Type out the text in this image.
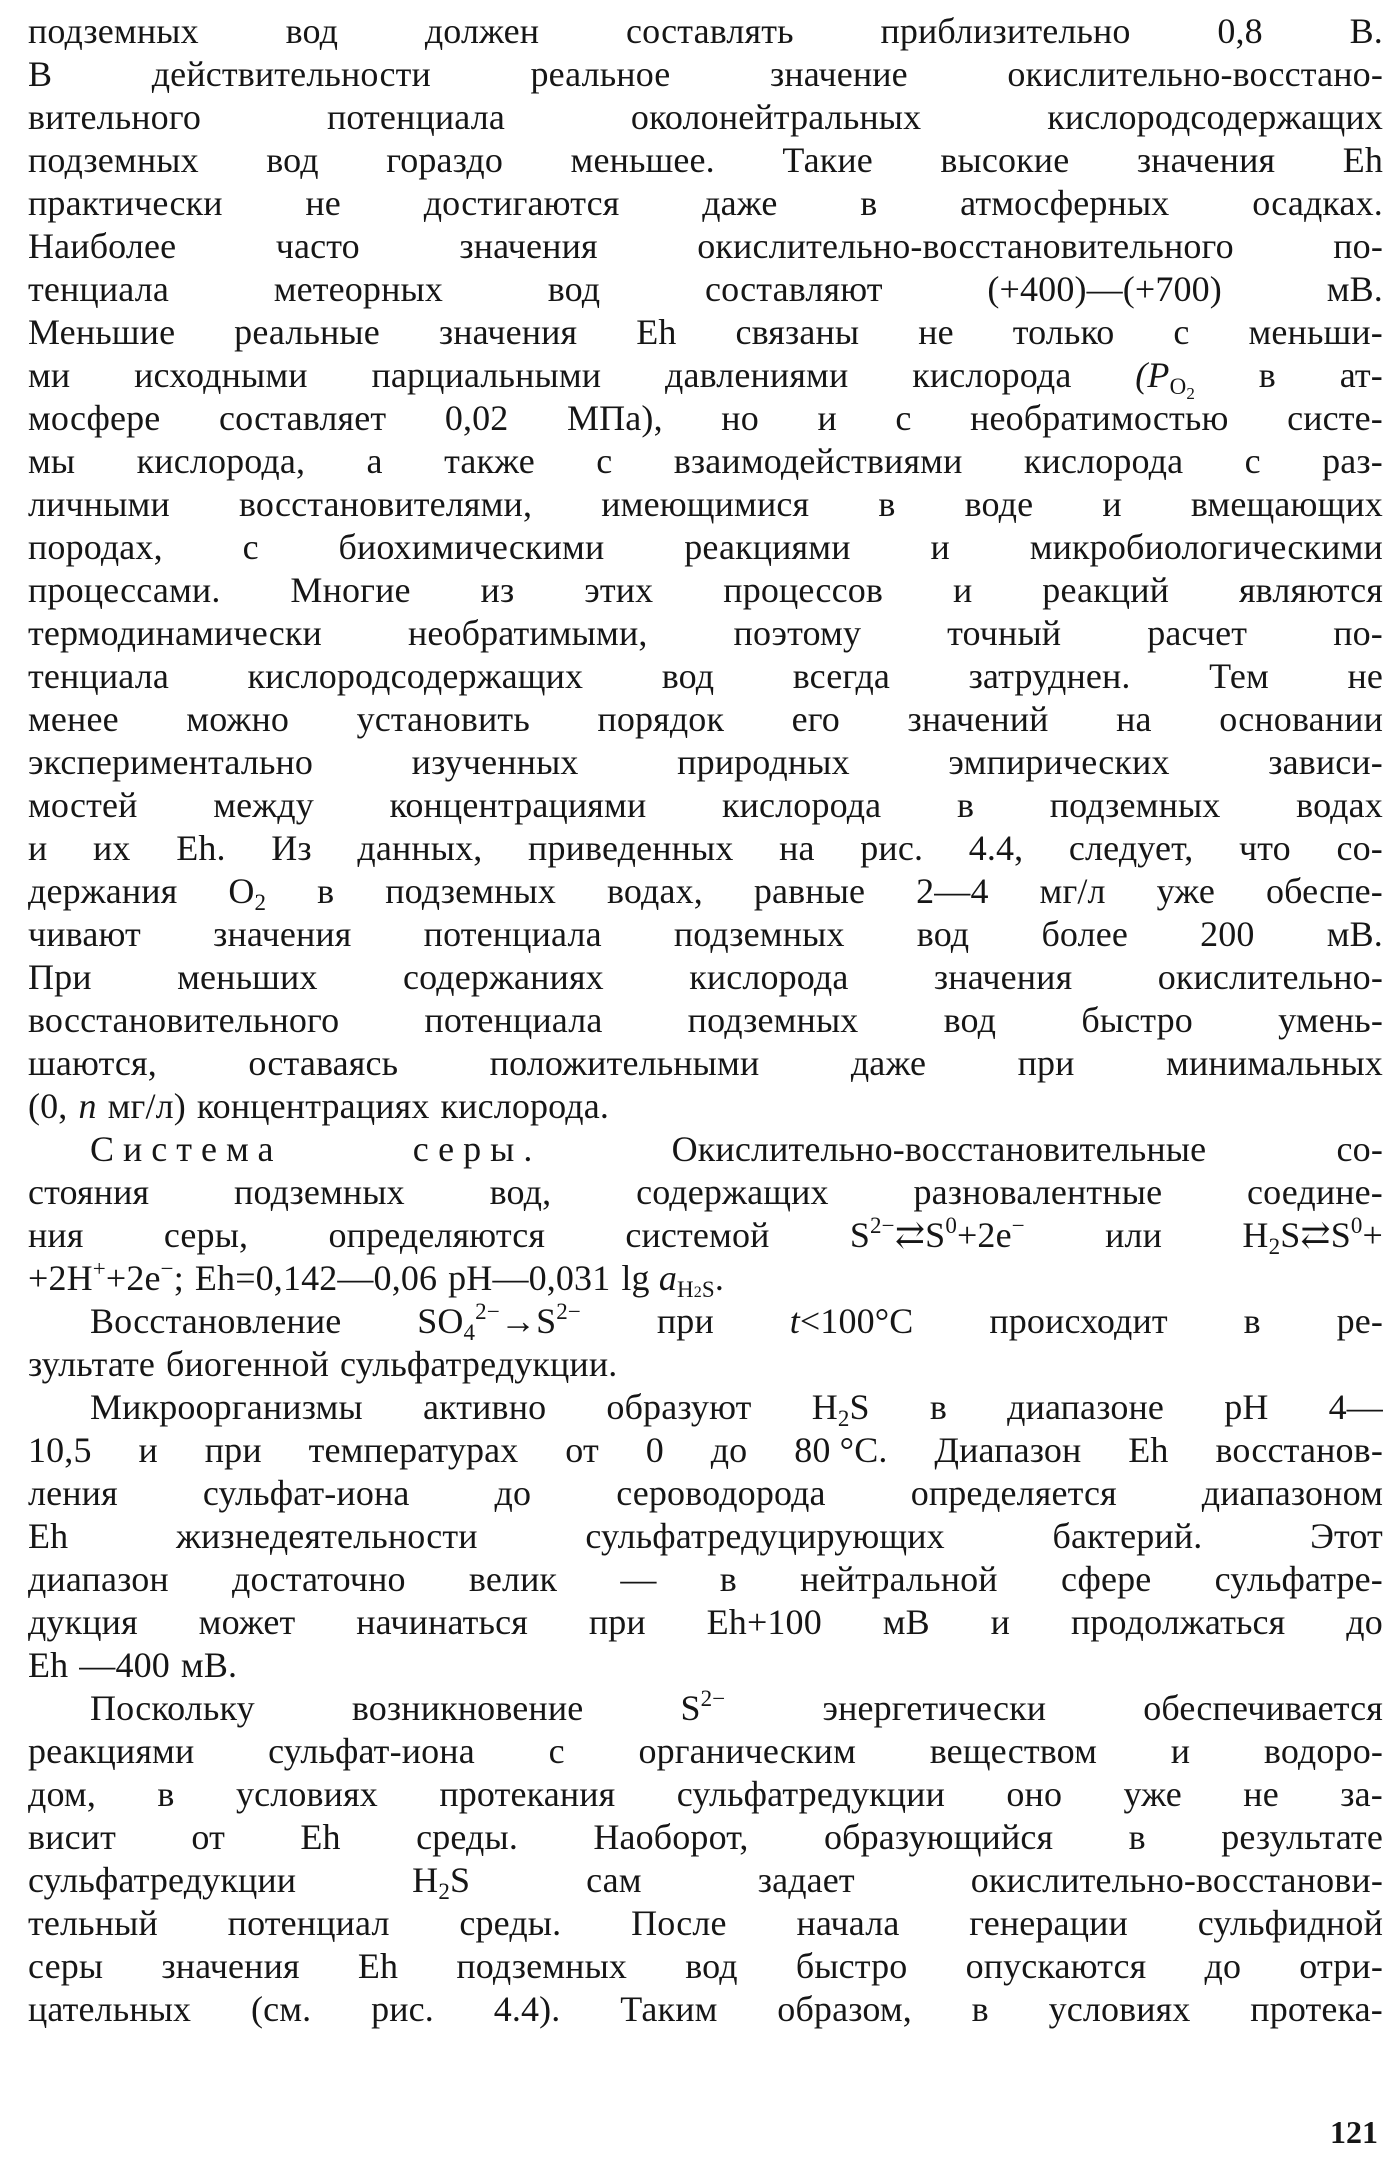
подземных вод должен составлять приблизительно 0,8 В.
В	действительности	реальное	значение	окислительно-восстано-
вительного	потенциала	околонейтральных	кислородсодержащих
подземных вод гораздо меньшее. Такие высокие значения Eh
практически не достигаются даже в атмосферных осадках.
Наиболее	часто	значения	окислительно-восстановительного	по-
тенциала	метеорных	вод	составляют	(+400)—(+700)	мВ.
Меньшие реальные значения Eh связаны не только с меньши-
ми исходными парциальными давлениями кислорода ($P_{O_2}$ в ат-
мосфере составляет 0,02 МПа), но и с необратимостью систе-
мы кислорода, а также с взаимодействиями кислорода с раз-
личными восстановителями, имеющимися в воде и вмещающих
породах, с биохимическими реакциями и микробиологическими
процессами. Многие из этих процессов и реакций являются
термодинамически необратимыми, поэтому точный расчет по-
тенциала кислородсодержащих вод всегда затруднен. Тем не
менее можно установить порядок его значений на основании
экспериментально	изученных	природных	эмпирических	зависи-
мостей между концентрациями кислорода в подземных водах
и их Eh. Из данных, приведенных на рис. 4.4, следует, что со-
держания $O_2$ в подземных водах, равные 2—4 мг/л уже обеспе-
чивают значения потенциала подземных вод более 200 мВ.
При меньших содержаниях кислорода значения окислительно-
восстановительного потенциала подземных вод быстро умень-
шаются,	оставаясь	положительными	даже	при	минимальных
(0, n мг/л) концентрациях кислорода.
Система	серы.	Окислительно-восстановительные	со-
стояния подземных вод, содержащих разновалентные соедине-
ния серы, определяются системой $S^{2-}⇄S^0+2e^-$ или $H_2S⇄S^0+$
+2H++2e−; Eh=0,142—0,06 pH—0,031 $\lg a_{H2S}$.
Восстановление $SO_4^{2-}\to S^{2-}$ при t<100°C происходит в ре-
зультате биогенной сульфатредукции.
Микроорганизмы активно образуют $H_2S$ в диапазоне pH 4—
10,5 и при температурах от 0 до 80 °C. Диапазон Eh восстанов-
ления сульфат-иона до сероводорода определяется диапазоном
Eh	жизнедеятельности	сульфатредуцирующих	бактерий.	Этот
диапазон достаточно велик — в нейтральной сфере сульфатре-
дукция может начинаться при Eh+100 мВ и продолжаться до
Eh —400 мВ.
Поскольку	возникновение	$S^{2-}$	энергетически	обеспечивается
реакциями сульфат-иона с органическим веществом и водоро-
дом, в условиях протекания сульфатредукции оно уже не за-
висит от Eh среды. Наоборот, образующийся в результате
сульфатредукции	$H_2S$	сам	задает	окислительно-восстанови-
тельный потенциал среды. После начала генерации сульфидной
серы значения Eh подземных вод быстро опускаются до отри-
цательных (см. рис. 4.4). Таким образом, в условиях протека-
121
